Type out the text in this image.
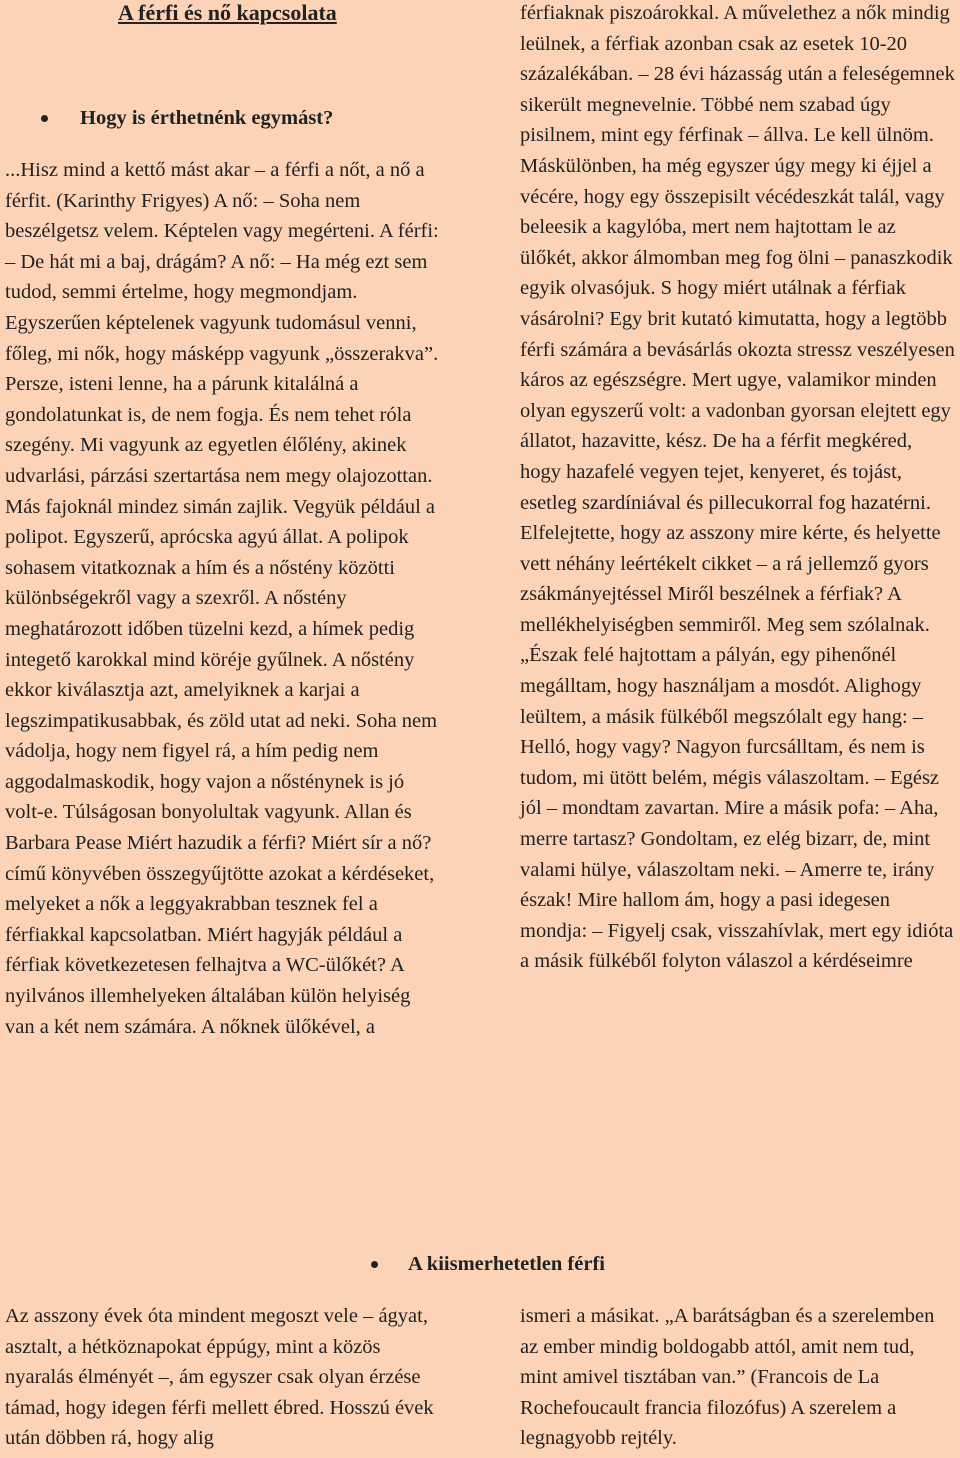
A férfi és nő kapcsolata
Hogy is érthetnénk egymást?

...Hisz mind a kettő mást akar – a férfi a nőt, a nő a férfit. (Karinthy Frigyes) A nő: – Soha nem beszélgetsz velem. Képtelen vagy megérteni. A férfi: – De hát mi a baj, drágám? A nő: – Ha még ezt sem tudod, semmi értelme, hogy megmondjam. Egyszerűen képtelenek vagyunk tudomásul venni, főleg, mi nők, hogy másképp vagyunk „összerakva”. Persze, isteni lenne, ha a párunk kitalálná a gondolatunkat is, de nem fogja. És nem tehet róla szegény. Mi vagyunk az egyetlen élőlény, akinek udvarlási, párzási szertartása nem megy olajozottan. Más fajoknál mindez simán zajlik. Vegyük például a polipot. Egyszerű, aprócska agyú állat. A polipok sohasem vitatkoznak a hím és a nőstény közötti különbségekről vagy a szexről. A nőstény meghatározott időben tüzelni kezd, a hímek pedig integető karokkal mind köréje gyűlnek. A nőstény ekkor kiválasztja azt, amelyiknek a karjai a legszimpatikusabbak, és zöld utat ad neki. Soha nem vádolja, hogy nem figyel rá, a hím pedig nem aggodalmaskodik, hogy vajon a nősténynek is jó volt-e. Túlságosan bonyolultak vagyunk. Allan és Barbara Pease Miért hazudik a férfi? Miért sír a nő? című könyvében összegyűjtötte azokat a kérdéseket, melyeket a nők a leggyakrabban tesznek fel a férfiakkal kapcsolatban. Miért hagyják például a férfiak következetesen felhajtva a WC-ülőkét? A nyilvános illemhelyeken általában külön helyiség van a két nem számára. A nőknek ülőkével, a

férfiaknak piszoárokkal. A művelethez a nők mindig leülnek, a férfiak azonban csak az esetek 10-20 százalékában. – 28 évi házasság után a feleségemnek sikerült megnevelnie. Többé nem szabad úgy pisilnem, mint egy férfinak – állva. Le kell ülnöm. Máskülönben, ha még egyszer úgy megy ki éjjel a vécére, hogy egy összepisilt vécédeszkát talál, vagy beleesik a kagylóba, mert nem hajtottam le az ülőkét, akkor álmomban meg fog ölni – panaszkodik egyik olvasójuk. S hogy miért utálnak a férfiak vásárolni? Egy brit kutató kimutatta, hogy a legtöbb férfi számára a bevásárlás okozta stressz veszélyesen káros az egészségre. Mert ugye, valamikor minden olyan egyszerű volt: a vadonban gyorsan elejtett egy állatot, hazavitte, kész. De ha a férfit megkéred, hogy hazafelé vegyen tejet, kenyeret, és tojást, esetleg szardíniával és pillecukorral fog hazatérni. Elfelejtette, hogy az asszony mire kérte, és helyette vett néhány leértékelt cikket – a rá jellemző gyors zsákmányejtéssel Miről beszélnek a férfiak? A mellékhelyiségben semmiről. Meg sem szólalnak. „Észak felé hajtottam a pályán, egy pihenőnél megálltam, hogy használjam a mosdót. Alighogy leültem, a másik fülkéből megszólalt egy hang: – Helló, hogy vagy? Nagyon furcsálltam, és nem is tudom, mi ütött belém, mégis válaszoltam. – Egész jól – mondtam zavartan. Mire a másik pofa: – Aha, merre tartasz? Gondoltam, ez elég bizarr, de, mint valami hülye, válaszoltam neki. – Amerre te, irány észak! Mire hallom ám, hogy a pasi idegesen mondja: – Figyelj csak, visszahívlak, mert egy idióta a másik fülkéből folyton válaszol a kérdéseimre

A kiismerhetetlen férfi

Az asszony évek óta mindent megoszt vele – ágyat, asztalt, a hétköznapokat éppúgy, mint a közös nyaralás élményét –, ám egyszer csak olyan érzése támad, hogy idegen férfi mellett ébred. Hosszú évek után döbben rá, hogy alig

ismeri a másikat. „A barátságban és a szerelemben az ember mindig boldogabb attól, amit nem tud, mint amivel tisztában van.” (Francois de La Rochefoucault francia filozófus) A szerelem a legnagyobb rejtély.
